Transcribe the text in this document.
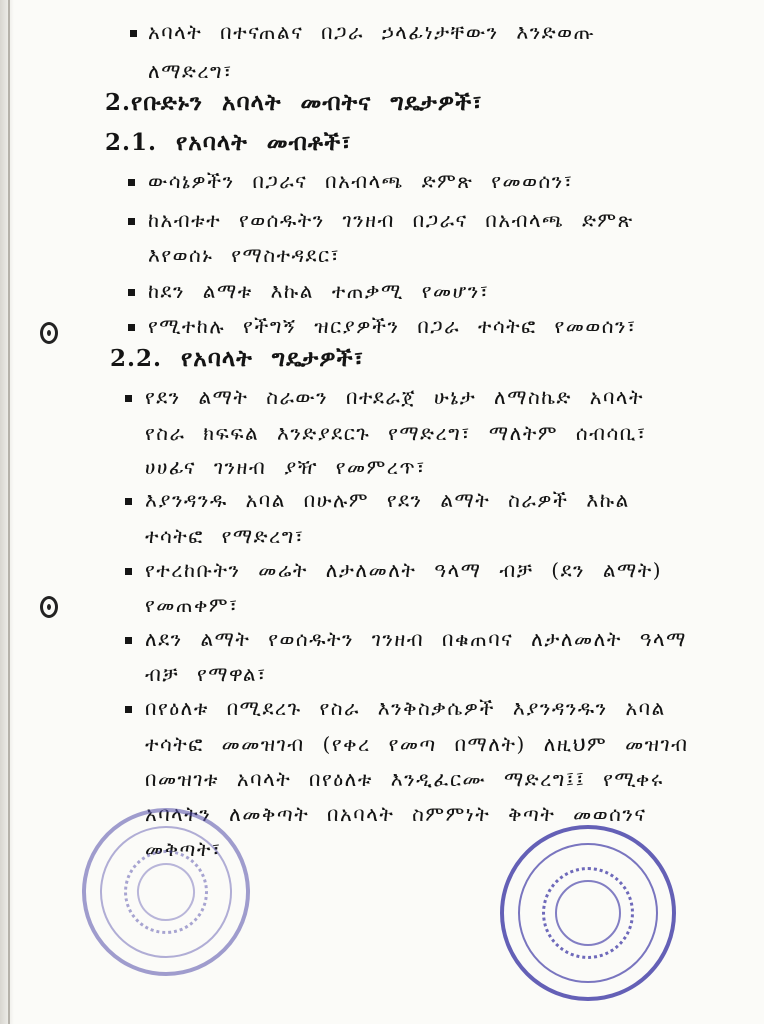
አባላት በተናጠልና በጋራ ኃላፊነታቸውን እንድወጡ
ለማድረግ፣
2.የቡድኑን አባላት መብትና ግዴታዎች፣
2.1. የአባላት መብቶች፣
ውሳኔዎችን በጋራና በአብላጫ ድምጽ የመወሰን፣
ከአብቱተ የወሰዱትን ገንዘብ በጋራና በአብላጫ ድምጽ
እየወሰኑ የማስተዳደር፣
ከደን ልማቱ እኩል ተጠቃሚ የመሆን፣
የሚተከሉ የችግኝ ዝርያዎችን በጋራ ተሳትፎ የመወሰን፣
2.2. የአባላት ግዴታዎች፣
የደን ልማት ስራውን በተደራጀ ሁኔታ ለማስኬድ አባላት
የስራ ክፍፍል እንድያደርጉ የማድረግ፣ ማለትም ሰብሳቢ፣
ሀሀፊና ገንዘብ ያዥ የመምረጥ፣
እያንዳንዱ አባል በሁሉም የደን ልማት ስራዎች እኩል
ተሳትፎ የማድረግ፣
የተረከቡትን መሬት ለታለመለት ዓላማ ብቻ (ደን ልማት)
የመጠቀም፣
ለደን ልማት የወሰዱትን ገንዘብ በቁጠባና ለታለመለት ዓላማ
ብቻ የማዋል፣
በየዕለቱ በሚደረጉ የስራ እንቅስቃሴዎች እያንዳንዱን አባል
ተሳትፎ መመዝገብ (የቀረ የመጣ በማለት) ለዚህም መዝገብ
በመዝገቱ አባላት በየዕለቱ እንዲፈርሙ ማድረግ፤፤ የሚቀሩ
አባላትን ለመቅጣት በአባላት ስምምነት ቅጣት መወሰንና
መቅጣት፣
